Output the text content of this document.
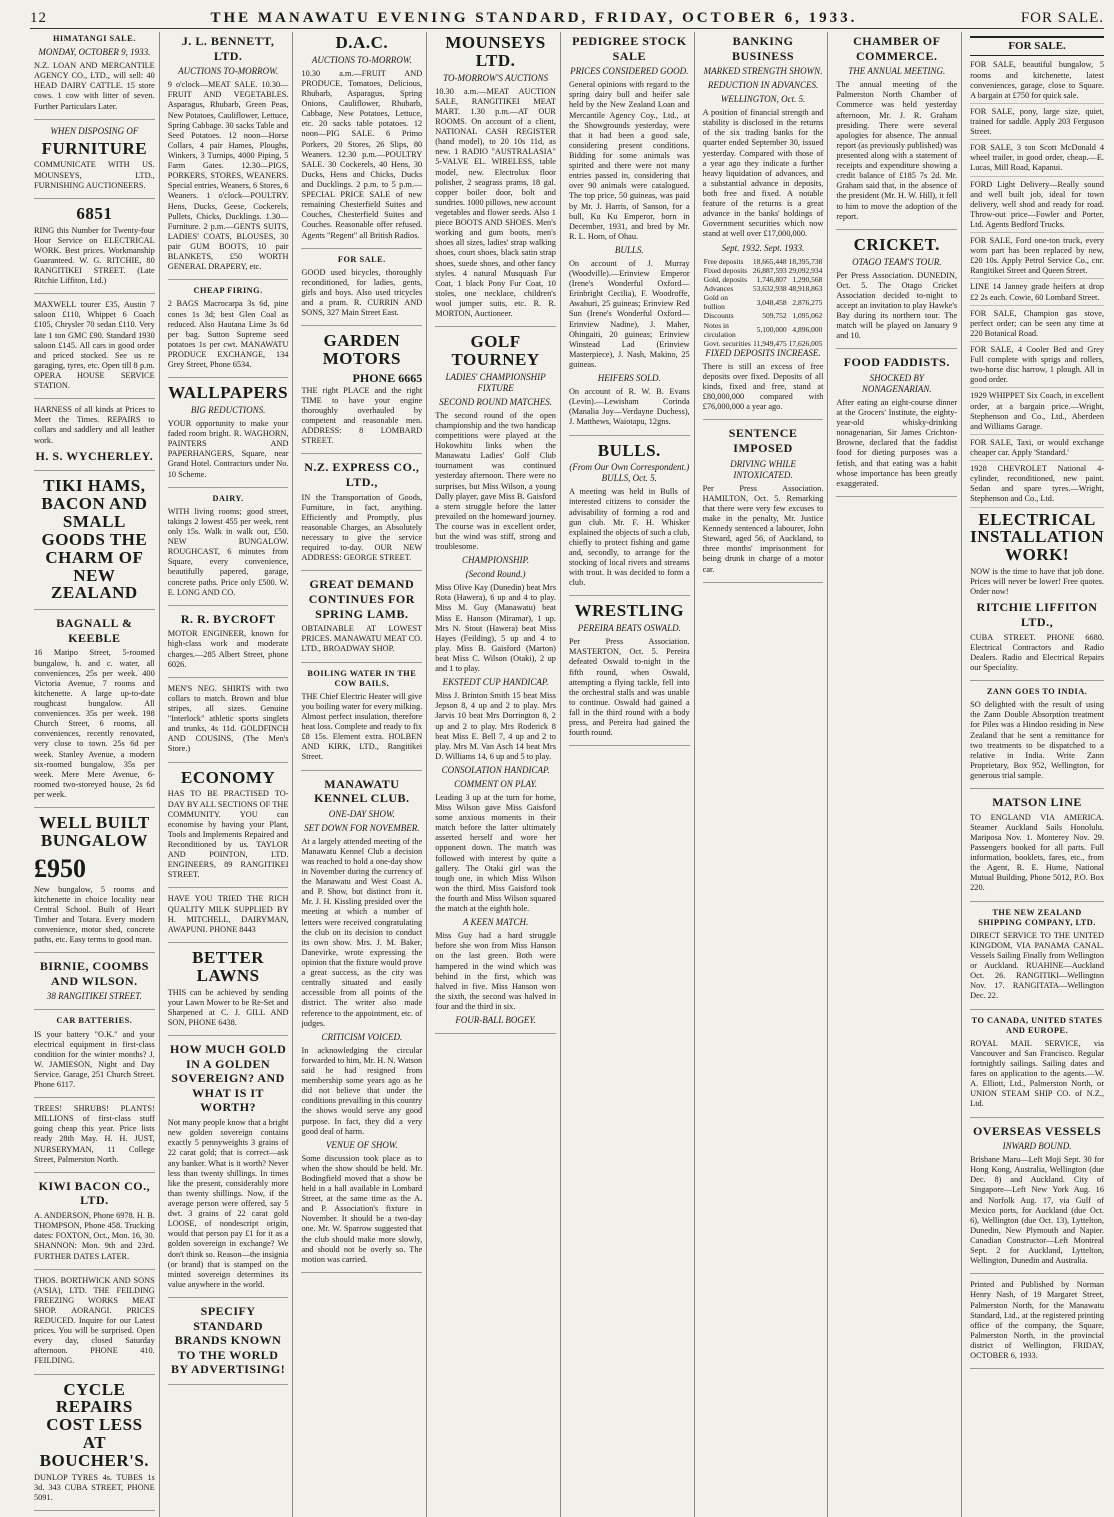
12	THE MANAWATU EVENING STANDARD, FRIDAY, OCTOBER 6, 1933.	FOR SALE.
HIMATANGI SALE.
MONDAY, OCTOBER 9, 1933.

N.Z. LOAN AND MERCANTILE AGENCY CO., LTD., will sell: 40 HEAD DAIRY CATTLE. 15 store cows. 1 cow with litter of seven. Further Particulars Later.

WHEN DISPOSING OF
FURNITURE

COMMUNICATE WITH US. MOUNSEYS, LTD., FURNISHING AUCTIONEERS.

6851

RING this Number for Twenty-four Hour Service on ELECTRICAL WORK. Best prices. Workmanship Guaranteed. W. G. RITCHIE, 80 RANGITIKEI STREET. (Late Ritchie Liffiton, Ltd.)

MAXWELL tourer £35, Austin 7 saloon £110, Whippet 6 Coach £105, Chrysler 70 sedan £110. Very late 1 ton GMC £90. Standard 1930 saloon £145. All cars in good order and priced stocked. See us re garaging, tyres, etc. Open till 8 p.m. OPERA HOUSE SERVICE STATION.

HARNESS of all kinds at Prices to Meet the Times. REPAIRS to collars and saddlery and all leather work.

H. S. WYCHERLEY.
TIKI HAMS, BACON AND SMALL GOODS THE CHARM OF NEW ZEALAND
BAGNALL & KEEBLE

16 Matipo Street, 5-roomed bungalow, h. and c. water, all conveniences, 25s per week. 400 Victoria Avenue, 7 rooms and kitchenette. A large up-to-date roughcast bungalow. All conveniences. 35s per week. 198 Church Street, 6 rooms, all conveniences, recently renovated, very close to town. 25s 6d per week. Stanley Avenue, a modern six-roomed bungalow, 35s per week. Mere Mere Avenue, 6-roomed two-storeyed house, 2s 6d per week.

WELL BUILT BUNGALOW
£950

New bungalow, 5 rooms and kitchenette in choice locality near Central School. Built of Heart Timber and Totara. Every modern convenience, motor shed, concrete paths, etc. Easy terms to good man.

BIRNIE, COOMBS AND WILSON.
38 RANGITIKEI STREET.
CAR BATTERIES.

IS your battery "O.K." and your electrical equipment in first-class condition for the winter months? J. W. JAMIESON, Night and Day Service. Garage, 251 Church Street. Phone 6117.

TREES! SHRUBS! PLANTS! MILLIONS of first-class stuff going cheap this year. Price lists ready 28th May. H. H. JUST, NURSERYMAN, 11 College Street, Palmerston North.

KIWI BACON CO., LTD.

A. ANDERSON, Phone 6978. H. B. THOMPSON, Phone 458. Trucking dates: FOXTON, Oct., Mon. 16, 30. SHANNON: Mon. 9th and 23rd. FURTHER DATES LATER.

THOS. BORTHWICK AND SONS (A'SIA), LTD. THE FEILDING FREEZING WORKS MEAT SHOP. AORANGI. PRICES REDUCED. Inquire for our Latest prices. You will be surprised. Open every day, closed Saturday afternoon. PHONE 410. FEILDING.

CYCLE REPAIRS COST LESS AT BOUCHER'S.

DUNLOP TYRES 4s. TUBES 1s 3d. 343 CUBA STREET, PHONE 5091.

J. L. BENNETT, LTD.
AUCTIONS TO-MORROW.

9 o'clock—MEAT SALE. 10.30—FRUIT AND VEGETABLES. Asparagus, Rhubarb, Green Peas, New Potatoes, Cauliflower, Lettuce, Spring Cabbage. 30 sacks Table and Seed Potatoes. 12 noon—Horse Collars, 4 pair Hames, Ploughs, Winkers, 3 Turnips, 4000 Piping, 5 Farm Gates. 12.30—PIGS, PORKERS, STORES, WEANERS. Special entries, Weaners, 6 Stores, 6 Weaners. 1 o'clock—POULTRY. Hens, Ducks, Geese, Cockerels, Pullets, Chicks, Ducklings. 1.30—Furniture. 2 p.m.—GENTS SUITS, LADIES' COATS, BLOUSES, 30 pair GUM BOOTS, 10 pair BLANKETS, £50 WORTH GENERAL DRAPERY, etc.

CHEAP FIRING.

2 BAGS Macrocarpa 3s 6d, pine cones 1s 3d; best Glen Coal as reduced. Also Hautana Lime 3s 6d per bag. Sutton Supreme seed potatoes 1s per cwt. MANAWATU PRODUCE EXCHANGE, 134 Grey Street, Phone 6534.

WALLPAPERS
BIG REDUCTIONS.

YOUR opportunity to make your faded room bright. R. WAGHORN, PAINTERS AND PAPERHANGERS, Square, near Grand Hotel. Contractors under No. 10 Scheme.

DAIRY.

WITH living rooms; good street, takings 2 lowest 455 per week, rent only 15s. Walk in walk out, £50. NEW BUNGALOW. ROUGHCAST, 6 minutes from Square, every convenience, beautifully papered, garage, concrete paths. Price only £500. W. E. LONG AND CO.

R. R. BYCROFT

MOTOR ENGINEER, known for high-class work and moderate charges.—285 Albert Street, phone 6026.

MEN'S NEG. SHIRTS with two collars to match. Brown and blue stripes, all sizes. Genuine "Interlock" athletic sports singlets and trunks, 4s 11d. GOLDFINCH AND COUSINS, (The Men's Store.)

ECONOMY

HAS TO BE PRACTISED TO-DAY BY ALL SECTIONS OF THE COMMUNITY. YOU can economise by having your Plant, Tools and Implements Repaired and Reconditioned by us. TAYLOR AND POINTON, LTD. ENGINEERS, 89 RANGITIKEI STREET.

HAVE YOU TRIED THE RICH QUALITY MILK SUPPLIED BY H. MITCHELL, DAIRYMAN, AWAPUNI. PHONE 8443

BETTER LAWNS

THIS can be achieved by sending your Lawn Mower to be Re-Set and Sharpened at C. J. GILL AND SON, PHONE 6438.

HOW MUCH GOLD IN A GOLDEN SOVEREIGN? AND WHAT IS IT WORTH?

Not many people know that a bright new golden sovereign contains exactly 5 pennyweights 3 grains of 22 carat gold; that is correct—ask any banker. What is it worth? Never less than twenty shillings. In times like the present, considerably more than twenty shillings. Now, if the average person were offered, say 5 dwt. 3 grains of 22 carat gold LOOSE, of nondescript origin, would that person pay £1 for it as a golden sovereign in exchange? We don't think so. Reason—the insignia (or brand) that is stamped on the minted sovereign determines its value anywhere in the world.

SPECIFY STANDARD BRANDS KNOWN TO THE WORLD BY ADVERTISING!
D.A.C.
AUCTIONS TO-MORROW.

10.30 a.m.—FRUIT AND PRODUCE, Tomatoes, Delicious, Rhubarb, Asparagus, Spring Onions, Cauliflower, Rhubarb, Cabbage, New Potatoes, Lettuce, etc. 20 sacks table potatoes. 12 noon—PIG SALE. 6 Primo Porkers, 20 Stores, 26 Slips, 80 Weaners. 12.30 p.m.—POULTRY SALE. 30 Cockerels, 40 Hens, 30 Ducks, Hens and Chicks, Ducks and Ducklings. 2 p.m. to 5 p.m.—SPECIAL PRICE SALE of new remaining Chesterfield Suites and Couches, Chesterfield Suites and Couches. Reasonable offer refused. Agents "Regent" all British Radios.

FOR SALE.

GOOD used bicycles, thoroughly reconditioned, for ladies, gents, girls and boys. Also used tricycles and a pram. R. CURRIN AND SONS, 327 Main Street East.

GARDEN MOTORS
PHONE 6665

THE right PLACE and the right TIME to have your engine thoroughly overhauled by competent and reasonable men. ADDRESS: 8 LOMBARD STREET.

N.Z. EXPRESS CO., LTD.,

IN the Transportation of Goods, Furniture, in fact, anything. Efficiently and Promptly, plus reasonable Charges, an Absolutely necessary to give the service required to-day. OUR NEW ADDRESS: GEORGE STREET.

GREAT DEMAND CONTINUES FOR SPRING LAMB.

OBTAINABLE AT LOWEST PRICES. MANAWATU MEAT CO. LTD., BROADWAY SHOP.

BOILING WATER IN THE COW BAILS.

THE Chief Electric Heater will give you boiling water for every milking. Almost perfect insulation, therefore heat loss. Complete and ready to fix £8 15s. Element extra. HOLBEN AND KIRK, LTD., Rangitikei Street.

MANAWATU KENNEL CLUB.
ONE-DAY SHOW.
SET DOWN FOR NOVEMBER.

At a largely attended meeting of the Manawatu Kennel Club a decision was reached to hold a one-day show in November during the currency of the Manawatu and West Coast A. and P. Show, but distinct from it. Mr. J. H. Kissling presided over the meeting at which a number of letters were received congratulating the club on its decision to conduct its own show. Mrs. J. M. Baker, Danevirke, wrote expressing the opinion that the fixture would prove a great success, as the city was centrally situated and easily accessible from all points of the district. The writer also made reference to the appointment, etc. of judges.

CRITICISM VOICED.

In acknowledging the circular forwarded to him, Mr. H. N. Watson said he had resigned from membership some years ago as he did not believe that under the conditions prevailing in this country the shows would serve any good purpose. In fact, they did a very good deal of harm.

VENUE OF SHOW.

Some discussion took place as to when the show should be held. Mr. Bodingfield moved that a show be held in a hall available in Lombard Street, at the same time as the A. and P. Association's fixture in November. It should be a two-day one. Mr. W. Sparrow suggested that the club should make more slowly, and should not be overly so. The motion was carried.

MOUNSEYS LTD.
TO-MORROW'S AUCTIONS

10.30 a.m.—MEAT AUCTION SALE, RANGITIKEI MEAT MART. 1.30 p.m.—AT OUR ROOMS. On account of a client, NATIONAL CASH REGISTER (hand model), to 20 10s 11d, as new. 1 RADIO "AUSTRALASIA" 5-VALVE EL. WIRELESS, table model, new. Electrolux floor polisher, 2 seagrass prams, 18 gal. copper boiler door, bolt and sundries. 1000 pillows, new account vegetables and flower seeds. Also 1 piece BOOTS AND SHOES. Men's working and gum boots, men's shoes all sizes, ladies' strap walking shoes, court shoes, black satin strap shoes, suede shoes, and other fancy styles. 4 natural Musquash Fur Coat, 1 black Pony Fur Coat, 10 stoles, one necklace, children's wool jumper suits, etc. R. R. MORTON, Auctioneer.

GOLF TOURNEY
LADIES' CHAMPIONSHIP FIXTURE
SECOND ROUND MATCHES.

The second round of the open championship and the two handicap competitions were played at the Hokowhitu links when the Manawatu Ladies' Golf Club tournament was continued yesterday afternoon. There were no surprises, but Miss Wilson, a young Dally player, gave Miss B. Gaisford a stern struggle before the latter prevailed on the homeward journey. The course was in excellent order, but the wind was stiff, strong and troublesome.

CHAMPIONSHIP.
(Second Round.)

Miss Olive Kay (Dunedin) beat Mrs Rota (Hawera), 6 up and 4 to play. Miss M. Guy (Manawatu) beat Miss E. Hanson (Miramar), 1 up. Mrs N. Stout (Hawera) beat Miss Hayes (Feilding), 5 up and 4 to play. Miss B. Gaisford (Marton) beat Miss C. Wilson (Otaki), 2 up and 1 to play.

EKSTEDT CUP HANDICAP.

Miss J. Brinton Smith 15 beat Miss Jepson 8, 4 up and 2 to play. Mrs Jarvis 10 beat Mrs Dorrington 8, 2 up and 2 to play. Mrs Roderick 8 beat Miss E. Bell 7, 4 up and 2 to play. Mrs M. Van Asch 14 beat Mrs D. Williams 14, 6 up and 5 to play.

CONSOLATION HANDICAP.
COMMENT ON PLAY.

Leading 3 up at the turn for home, Miss Wilson gave Miss Gaisford some anxious moments in their match before the latter ultimately asserted herself and wore her opponent down. The match was followed with interest by quite a gallery. The Otaki girl was the tough one, in which Miss Wilson won the third. Miss Gaisford took the fourth and Miss Wilson squared the match at the eighth hole.

A KEEN MATCH.

Miss Guy had a hard struggle before she won from Miss Hanson on the last green. Both were hampered in the wind which was behind in the first, which was halved in five. Miss Hanson won the sixth, the second was halved in four and the third in six.

FOUR-BALL BOGEY.
PEDIGREE STOCK SALE
PRICES CONSIDERED GOOD.

General opinions with regard to the spring dairy bull and heifer sale held by the New Zealand Loan and Mercantile Agency Coy., Ltd., at the Showgrounds yesterday, were that it had been a good sale, considering present conditions. Bidding for some animals was spirited and there were not many entries passed in, considering that over 90 animals were catalogued. The top price, 50 guineas, was paid by Mr. J. Harris, of Sanson, for a bull, Ku Ku Emperor, born in December, 1931, and bred by Mr. R. L. Horn, of Ohau.

BULLS.

On account of J. Murray (Woodville).—Erinview Emperor (Irene's Wonderful Oxford—Erinbright Cecilia), F. Woodroffe, Awahuri, 25 guineas; Erinview Red Sun (Irene's Wonderful Oxford—Erinview Nadine), J. Maher, Ohingaiti, 20 guineas; Erinview Winstead Lad (Erinview Masterpiece), J. Nash, Makino, 25 guineas.

HEIFERS SOLD.

On account of R. W. B. Evans (Levin).—Lewisham Corinda (Manalia Joy—Verdayne Duchess), J. Matthews, Waiotapu, 12gns.

BULLS.
(From Our Own Correspondent.) BULLS, Oct. 5.

A meeting was held in Bulls of interested citizens to consider the advisability of forming a rod and gun club. Mr. F. H. Whisker explained the objects of such a club, chiefly to protect fishing and game and, secondly, to arrange for the stocking of local rivers and streams with trout. It was decided to form a club.

WRESTLING
PEREIRA BEATS OSWALD.

Per Press Association. MASTERTON, Oct. 5. Pereira defeated Oswald to-night in the fifth round, when Oswald, attempting a flying tackle, fell into the orchestral stalls and was unable to continue. Oswald had gained a fall in the third round with a body press, and Pereira had gained the fourth round.

BANKING BUSINESS
MARKED STRENGTH SHOWN.
REDUCTION IN ADVANCES.
WELLINGTON, Oct. 5.

A position of financial strength and stability is disclosed in the returns of the six trading banks for the quarter ended September 30, issued yesterday. Compared with those of a year ago they indicate a further heavy liquidation of advances, and a substantial advance in deposits, both free and fixed. A notable feature of the returns is a great advance in the banks' holdings of Government securities which now stand at well over £17,000,000.

Sept. 1932. Sept. 1933.
Free deposits	18,665,448	18,395,738
Fixed deposits	26,887,593	29,092,934
Gold, deposits	1,746,807	1,290,568
Advances	53,632,938	48,918,863
Gold on bullion	3,048,458	2,876,275
Discounts	509,752	1,095,062
Notes in circulation	5,100,000	4,896,000
Govt. securities	11,949,475	17,626,005
FIXED DEPOSITS INCREASE.

There is still an excess of free deposits over fixed. Deposits of all kinds, fixed and free, stand at £80,000,000 compared with £76,000,000 a year ago.

SENTENCE IMPOSED
DRIVING WHILE INTOXICATED.

Per Press Association. HAMILTON, Oct. 5. Remarking that there were very few excuses to make in the penalty, Mr. Justice Kennedy sentenced a labourer, John Steward, aged 56, of Auckland, to three months' imprisonment for being drunk in charge of a motor car.

CHAMBER OF COMMERCE.
THE ANNUAL MEETING.

The annual meeting of the Palmerston North Chamber of Commerce was held yesterday afternoon, Mr. J. R. Graham presiding. There were several apologies for absence. The annual report (as previously published) was presented along with a statement of receipts and expenditure showing a credit balance of £185 7s 2d. Mr. Graham said that, in the absence of the president (Mr. H. W. Hill), it fell to him to move the adoption of the report.

CRICKET.
OTAGO TEAM'S TOUR.

Per Press Association. DUNEDIN, Oct. 5. The Otago Cricket Association decided to-night to accept an invitation to play Hawke's Bay during its northern tour. The match will be played on January 9 and 10.

FOOD FADDISTS.
SHOCKED BY NONAGENARIAN.

After eating an eight-course dinner at the Grocers' Institute, the eighty-year-old whisky-drinking nonagenarian, Sir James Crichton-Browne, declared that the faddist food for dieting purposes was a fetish, and that eating was a habit whose importance has been greatly exaggerated.

FOR SALE.

FOR SALE, beautiful bungalow, 5 rooms and kitchenette, latest conveniences, garage, close to Square. A bargain at £750 for quick sale.

FOR SALE, pony, large size, quiet, trained for saddle. Apply 203 Ferguson Street.

FOR SALE, 3 ton Scott McDonald 4 wheel trailer, in good order, cheap.—E. Lucas, Mill Road, Kapanui.

FORD Light Delivery—Really sound and well built job, ideal for town delivery, well shod and ready for road. Throw-out price—Fowler and Porter, Ltd. Agents Bedford Trucks.

FOR SALE, Ford one-ton truck, every worn part has been replaced by new, £20 10s. Apply Petrol Service Co., cnr. Rangitikei Street and Queen Street.

LINE 14 Janney grade heifers at drop £2 2s each. Cowie, 60 Lombard Street.

FOR SALE, Champion gas stove, perfect order; can be seen any time at 220 Botanical Road.

FOR SALE, 4 Cooler Bed and Grey Full complete with sprigs and rollers, two-horse disc harrow, 1 plough. All in good order.

1929 WHIPPET Six Coach, in excellent order, at a bargain price.—Wright, Stephenson and Co., Ltd., Aberdeen and Williams Garage.

FOR SALE, Taxi, or would exchange cheaper car. Apply 'Standard.'

1928 CHEVROLET National 4-cylinder, reconditioned, new paint. Sedan and spare tyres.—Wright, Stephenson and Co., Ltd.

ELECTRICAL INSTALLATION WORK!

NOW is the time to have that job done. Prices will never be lower! Free quotes. Order now!

RITCHIE LIFFITON LTD.,

CUBA STREET. PHONE 6680. Electrical Contractors and Radio Dealers. Radio and Electrical Repairs our Speciality.

ZANN GOES TO INDIA.

SO delighted with the result of using the Zann Double Absorption treatment for Piles was a Hindoo residing in New Zealand that he sent a remittance for two treatments to be dispatched to a relative in India. Write Zann Proprietary, Box 952, Wellington, for generous trial sample.

MATSON LINE

TO ENGLAND VIA AMERICA. Steamer Auckland Sails Honolulu. Mariposa Nov. 1. Monterey Nov. 29. Passengers booked for all parts. Full information, booklets, fares, etc., from the Agent, R. E. Hume, National Mutual Building, Phone 5012, P.O. Box 220.

THE NEW ZEALAND SHIPPING COMPANY, LTD.

DIRECT SERVICE TO THE UNITED KINGDOM, VIA PANAMA CANAL. Vessels Sailing Finally from Wellington or Auckland. RUAHINE—Auckland Oct. 26. RANGITIKI—Wellington Nov. 17. RANGITATA—Wellington Dec. 22.

TO CANADA, UNITED STATES AND EUROPE.

ROYAL MAIL SERVICE, via Vancouver and San Francisco. Regular fortnightly sailings. Sailing dates and fares on application to the agents.—W. A. Elliott, Ltd., Palmerston North, or UNION STEAM SHIP CO. of N.Z., Ltd.

OVERSEAS VESSELS
INWARD BOUND.

Brisbane Maru—Left Moji Sept. 30 for Hong Kong, Australia, Wellington (due Dec. 8) and Auckland. City of Singapore—Left New York Aug. 16 and Norfolk Aug. 17, via Gulf of Mexico ports, for Auckland (due Oct. 6), Wellington (due Oct. 13), Lyttelton, Dunedin, New Plymouth and Napier. Canadian Constructor—Left Montreal Sept. 2 for Auckland, Lyttelton, Wellington, Dunedin and Australia.

Printed and Published by Norman Henry Nash, of 19 Margaret Street, Palmerston North, for the Manawatu Standard, Ltd., at the registered printing office of the company, the Square, Palmerston North, in the provincial district of Wellington, FRIDAY, OCTOBER 6, 1933.
